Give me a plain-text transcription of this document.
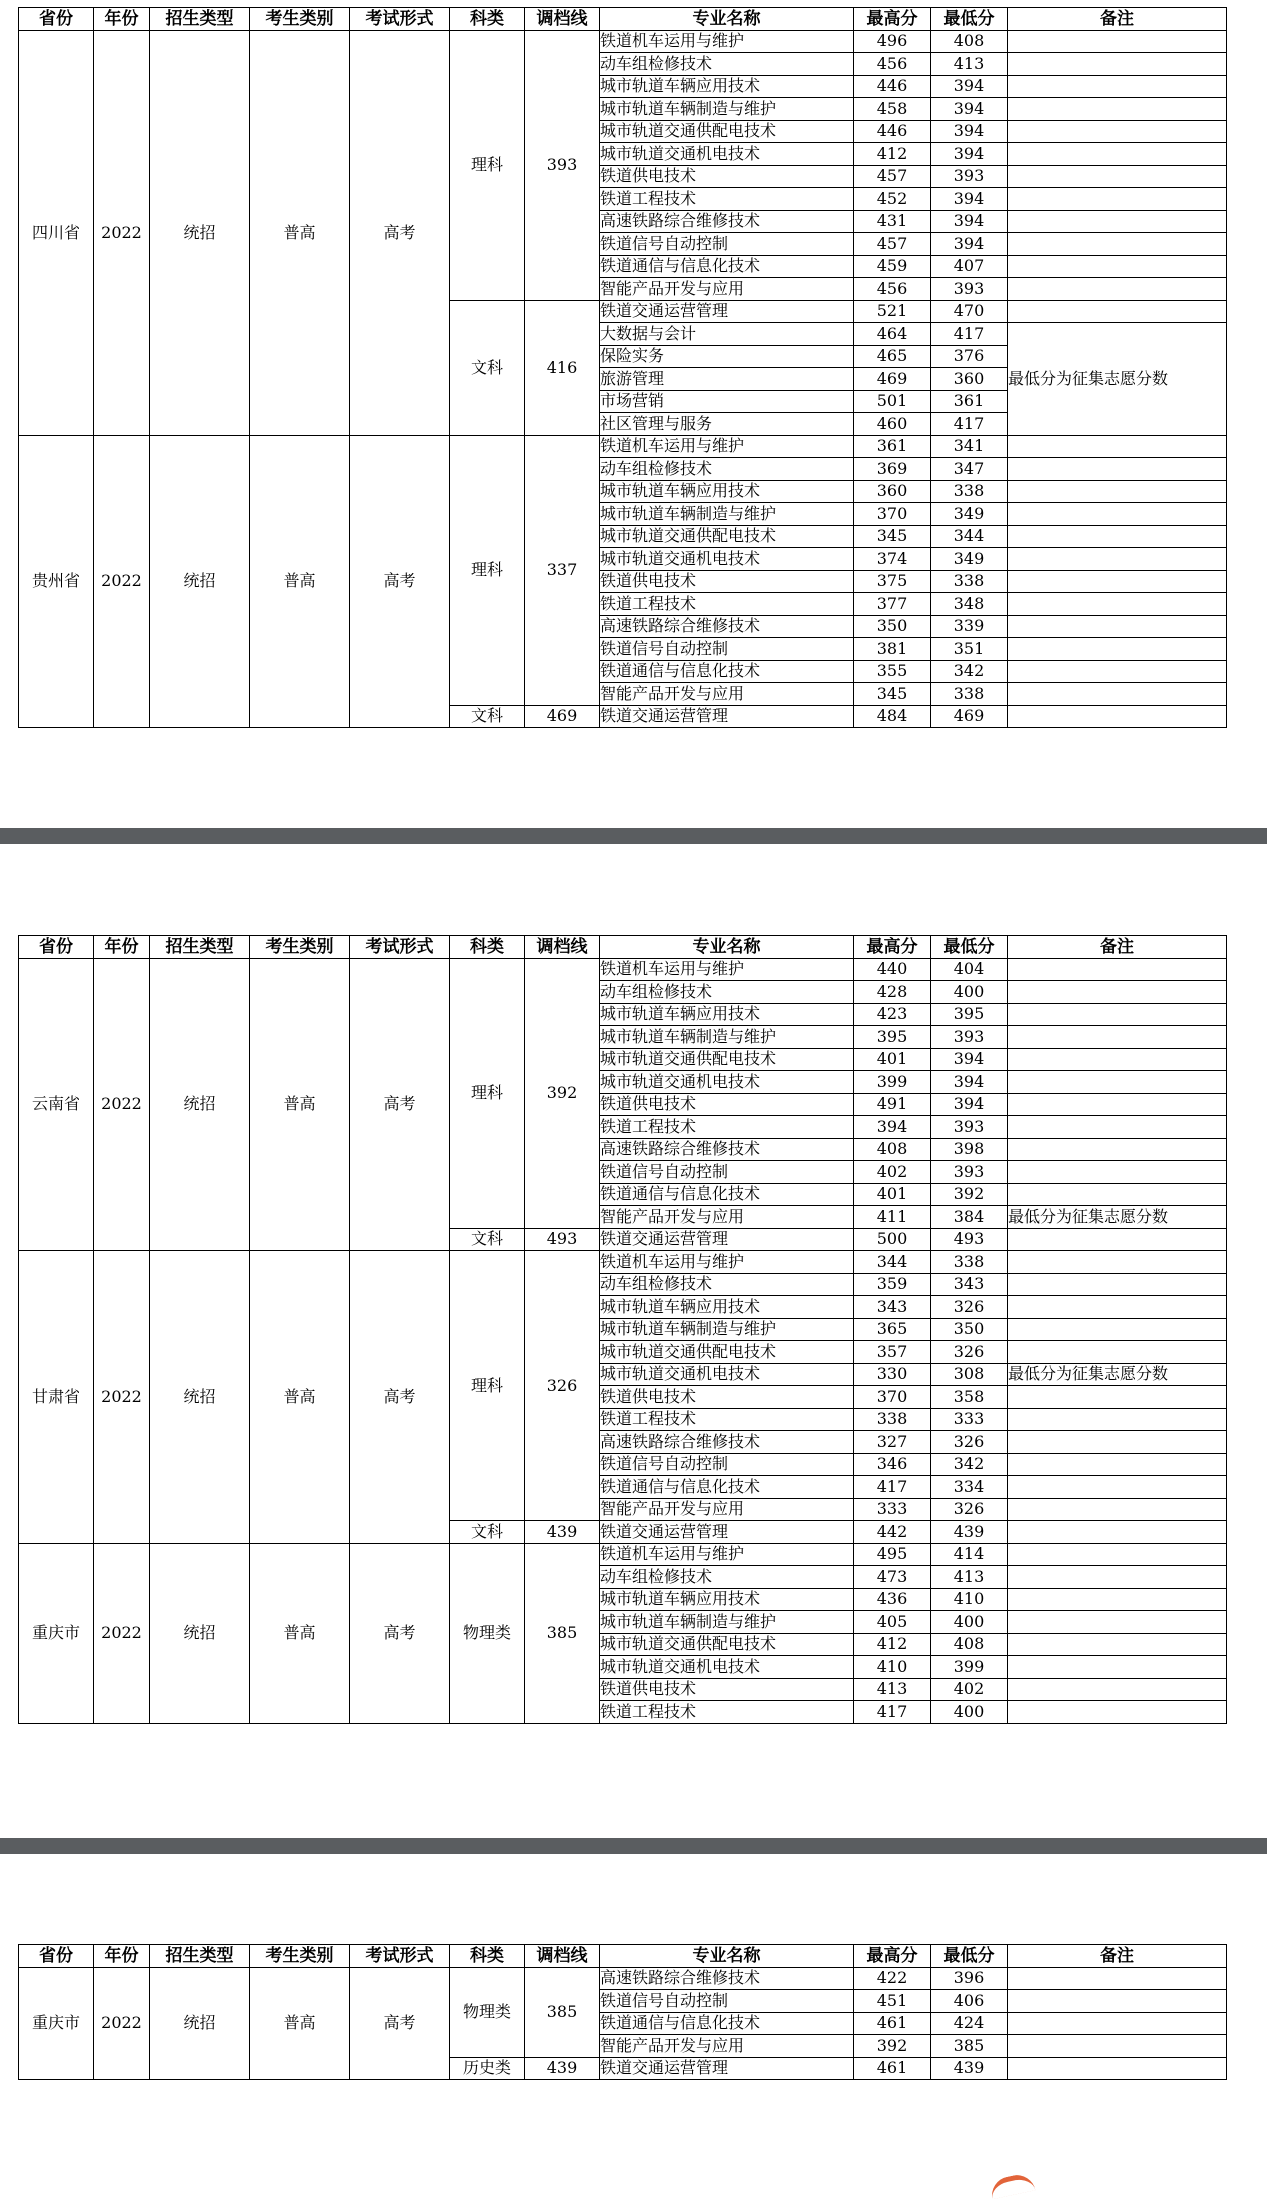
省份	年份	招生类型	考生类别	考试形式	科类	调档线	专业名称	最高分	最低分	备注
四川省	2022	统招	普高	高考	理科	393	铁道机车运用与维护	496	408	
							动车组检修技术	456	413	
							城市轨道车辆应用技术	446	394	
							城市轨道车辆制造与维护	458	394	
							城市轨道交通供配电技术	446	394	
							城市轨道交通机电技术	412	394	
							铁道供电技术	457	393	
							铁道工程技术	452	394	
							高速铁路综合维修技术	431	394	
							铁道信号自动控制	457	394	
							铁道通信与信息化技术	459	407	
							智能产品开发与应用	456	393	
					文科	416	铁道交通运营管理	521	470	
							大数据与会计	464	417	最低分为征集志愿分数
							保险实务	465	376	
							旅游管理	469	360	
							市场营销	501	361	
							社区管理与服务	460	417	
贵州省	2022	统招	普高	高考	理科	337	铁道机车运用与维护	361	341	
							动车组检修技术	369	347	
							城市轨道车辆应用技术	360	338	
							城市轨道车辆制造与维护	370	349	
							城市轨道交通供配电技术	345	344	
							城市轨道交通机电技术	374	349	
							铁道供电技术	375	338	
							铁道工程技术	377	348	
							高速铁路综合维修技术	350	339	
							铁道信号自动控制	381	351	
							铁道通信与信息化技术	355	342	
							智能产品开发与应用	345	338	
					文科	469	铁道交通运营管理	484	469	
省份	年份	招生类型	考生类别	考试形式	科类	调档线	专业名称	最高分	最低分	备注
云南省	2022	统招	普高	高考	理科	392	铁道机车运用与维护	440	404	
							动车组检修技术	428	400	
							城市轨道车辆应用技术	423	395	
							城市轨道车辆制造与维护	395	393	
							城市轨道交通供配电技术	401	394	
							城市轨道交通机电技术	399	394	
							铁道供电技术	491	394	
							铁道工程技术	394	393	
							高速铁路综合维修技术	408	398	
							铁道信号自动控制	402	393	
							铁道通信与信息化技术	401	392	
							智能产品开发与应用	411	384	最低分为征集志愿分数
					文科	493	铁道交通运营管理	500	493	
甘肃省	2022	统招	普高	高考	理科	326	铁道机车运用与维护	344	338	
							动车组检修技术	359	343	
							城市轨道车辆应用技术	343	326	
							城市轨道车辆制造与维护	365	350	
							城市轨道交通供配电技术	357	326	
							城市轨道交通机电技术	330	308	最低分为征集志愿分数
							铁道供电技术	370	358	
							铁道工程技术	338	333	
							高速铁路综合维修技术	327	326	
							铁道信号自动控制	346	342	
							铁道通信与信息化技术	417	334	
							智能产品开发与应用	333	326	
					文科	439	铁道交通运营管理	442	439	
重庆市	2022	统招	普高	高考	物理类	385	铁道机车运用与维护	495	414	
							动车组检修技术	473	413	
							城市轨道车辆应用技术	436	410	
							城市轨道车辆制造与维护	405	400	
							城市轨道交通供配电技术	412	408	
							城市轨道交通机电技术	410	399	
							铁道供电技术	413	402	
							铁道工程技术	417	400	
省份	年份	招生类型	考生类别	考试形式	科类	调档线	专业名称	最高分	最低分	备注
重庆市	2022	统招	普高	高考	物理类	385	高速铁路综合维修技术	422	396	
							铁道信号自动控制	451	406	
							铁道通信与信息化技术	461	424	
							智能产品开发与应用	392	385	
					历史类	439	铁道交通运营管理	461	439	
